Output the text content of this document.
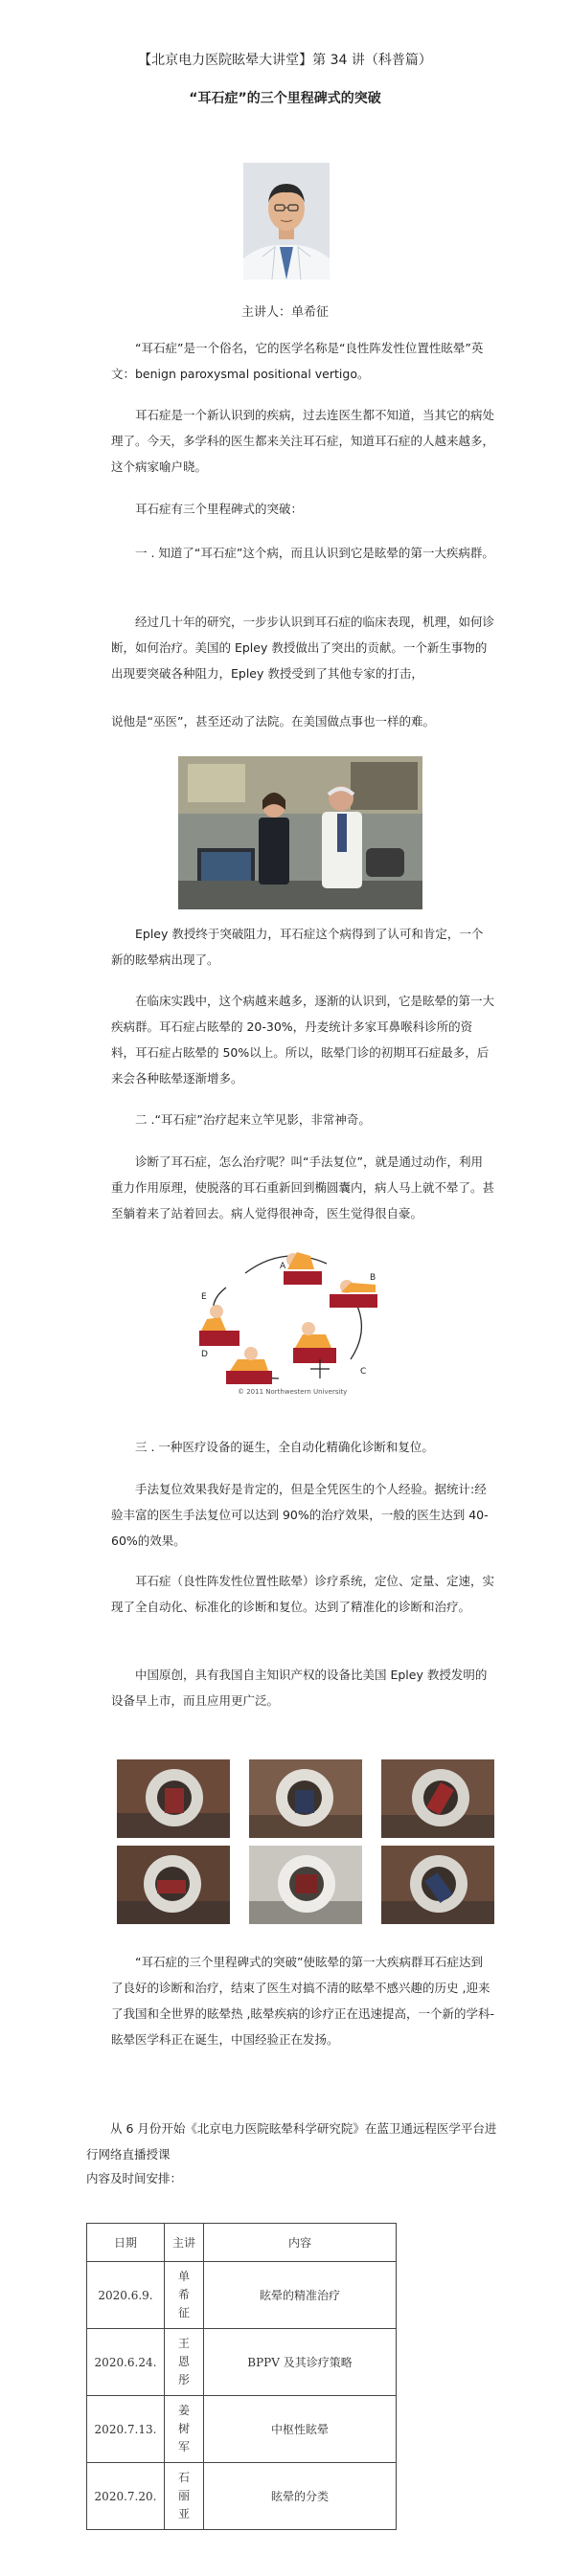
【北京电力医院眩晕大讲堂】第 34 讲（科普篇）
“耳石症”的三个里程碑式的突破
主讲人：单希征

“耳石症”是一个俗名，它的医学名称是“良性阵发性位置性眩晕”英文：benign paroxysmal positional vertigo。

耳石症是一个新认识到的疾病，过去连医生都不知道，当其它的病处理了。今天，多学科的医生都来关注耳石症，知道耳石症的人越来越多，这个病家喻户晓。

耳石症有三个里程碑式的突破：

一 . 知道了“耳石症”这个病，而且认识到它是眩晕的第一大疾病群。

经过几十年的研究，一步步认识到耳石症的临床表现，机理，如何诊断，如何治疗。美国的 Epley 教授做出了突出的贡献。一个新生事物的出现要突破各种阻力，Epley 教授受到了其他专家的打击，

说他是“巫医”，甚至还动了法院。在美国做点事也一样的难。

Epley 教授终于突破阻力，耳石症这个病得到了认可和肯定，一个新的眩晕病出现了。

在临床实践中，这个病越来越多，逐渐的认识到，它是眩晕的第一大疾病群。耳石症占眩晕的 20-30%，丹麦统计多家耳鼻喉科诊所的资料，耳石症占眩晕的 50%以上。所以，眩晕门诊的初期耳石症最多，后来会各种眩晕逐渐增多。

二 .“耳石症”治疗起来立竿见影，非常神奇。

诊断了耳石症，怎么治疗呢？叫“手法复位”，就是通过动作，利用重力作用原理，使脱落的耳石重新回到椭圆囊内，病人马上就不晕了。甚至躺着来了站着回去。病人觉得很神奇，医生觉得很自豪。

A
B
C
D
E
© 2011 Northwestern University

三 . 一种医疗设备的诞生，全自动化精确化诊断和复位。

手法复位效果我好是肯定的，但是全凭医生的个人经验。据统计:经验丰富的医生手法复位可以达到 90%的治疗效果，一般的医生达到 40-60%的效果。

耳石症（良性阵发性位置性眩晕）诊疗系统，定位、定量、定速，实现了全自动化、标准化的诊断和复位。达到了精准化的诊断和治疗。

中国原创，具有我国自主知识产权的设备比美国 Epley 教授发明的设备早上市，而且应用更广泛。

“耳石症的三个里程碑式的突破”使眩晕的第一大疾病群耳石症达到了良好的诊断和治疗，结束了医生对搞不清的眩晕不感兴趣的历史 ,迎来了我国和全世界的眩晕热 ,眩晕疾病的诊疗正在迅速提高，一个新的学科-眩晕医学科正在诞生，中国经验正在发扬。

从 6 月份开始《北京电力医院眩晕科学研究院》在蓝卫通远程医学平台进行网络直播授课

内容及时间安排：

日期	主讲	内容
2020.6.9.	单希征	眩晕的精准治疗
2020.6.24.	王恩彤	BPPV 及其诊疗策略
2020.7.13.	姜树军	中枢性眩晕
2020.7.20.	石丽亚	眩晕的分类
